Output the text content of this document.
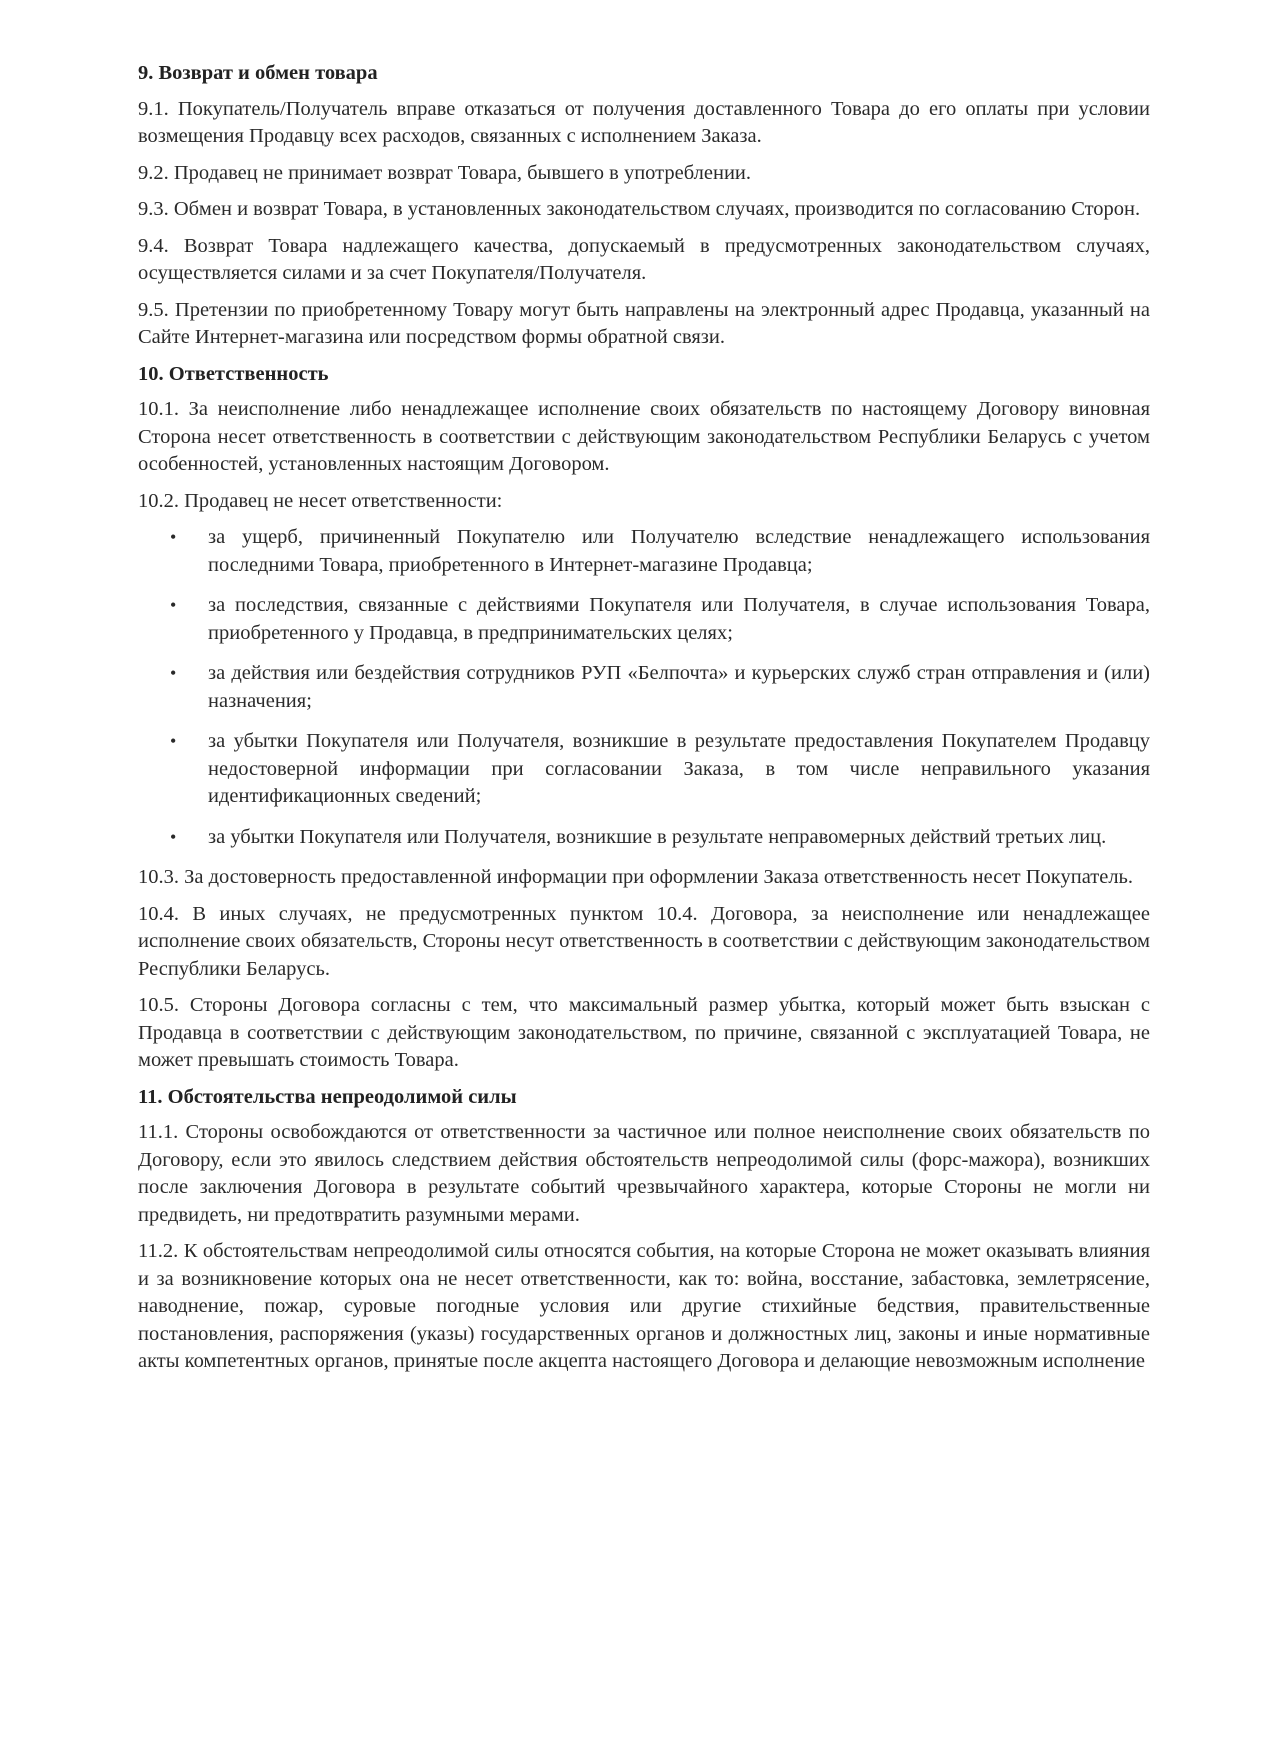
9. Возврат и обмен товара
9.1. Покупатель/Получатель вправе отказаться от получения доставленного Товара до его оплаты при условии возмещения Продавцу всех расходов, связанных с исполнением Заказа.
9.2. Продавец не принимает возврат Товара, бывшего в употреблении.
9.3. Обмен и возврат Товара, в установленных законодательством случаях, производится по согласованию Сторон.
9.4. Возврат Товара надлежащего качества, допускаемый в предусмотренных законодательством случаях, осуществляется силами и за счет Покупателя/Получателя.
9.5. Претензии по приобретенному Товару могут быть направлены на электронный адрес Продавца, указанный на Сайте Интернет-магазина или посредством формы обратной связи.
10. Ответственность
10.1. За неисполнение либо ненадлежащее исполнение своих обязательств по настоящему Договору виновная Сторона несет ответственность в соответствии с действующим законодательством Республики Беларусь с учетом особенностей, установленных настоящим Договором.
10.2. Продавец не несет ответственности:
• за ущерб, причиненный Покупателю или Получателю вследствие ненадлежащего использования последними Товара, приобретенного в Интернет-магазине Продавца;
• за последствия, связанные с действиями Покупателя или Получателя, в случае использования Товара, приобретенного у Продавца, в предпринимательских целях;
• за действия или бездействия сотрудников РУП «Белпочта» и курьерских служб стран отправления и (или) назначения;
• за убытки Покупателя или Получателя, возникшие в результате предоставления Покупателем Продавцу недостоверной информации при согласовании Заказа, в том числе неправильного указания идентификационных сведений;
• за убытки Покупателя или Получателя, возникшие в результате неправомерных действий третьих лиц.
10.3. За достоверность предоставленной информации при оформлении Заказа ответственность несет Покупатель.
10.4. В иных случаях, не предусмотренных пунктом 10.4. Договора, за неисполнение или ненадлежащее исполнение своих обязательств, Стороны несут ответственность в соответствии с действующим законодательством Республики Беларусь.
10.5. Стороны Договора согласны с тем, что максимальный размер убытка, который может быть взыскан с Продавца в соответствии с действующим законодательством, по причине, связанной с эксплуатацией Товара, не может превышать стоимость Товара.
11. Обстоятельства непреодолимой силы
11.1. Стороны освобождаются от ответственности за частичное или полное неисполнение своих обязательств по Договору, если это явилось следствием действия обстоятельств непреодолимой силы (форс-мажора), возникших после заключения Договора в результате событий чрезвычайного характера, которые Стороны не могли ни предвидеть, ни предотвратить разумными мерами.
11.2. К обстоятельствам непреодолимой силы относятся события, на которые Сторона не может оказывать влияния и за возникновение которых она не несет ответственности, как то: война, восстание, забастовка, землетрясение, наводнение, пожар, суровые погодные условия или другие стихийные бедствия, правительственные постановления, распоряжения (указы) государственных органов и должностных лиц, законы и иные нормативные акты компетентных органов, принятые после акцепта настоящего Договора и делающие невозможным исполнение
